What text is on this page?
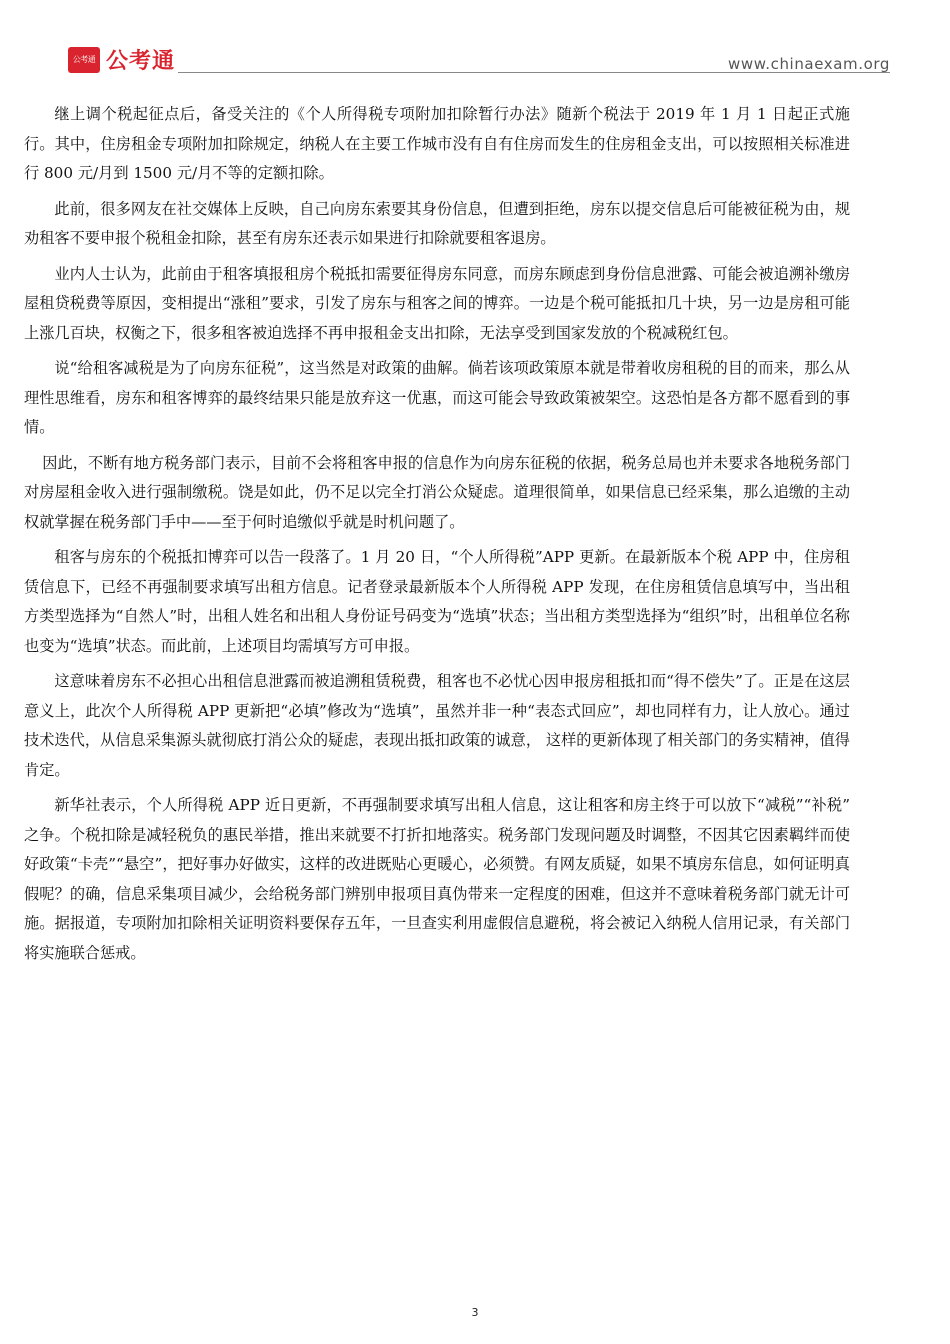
公考通 公考通	www.chinaexam.org

继上调个税起征点后，备受关注的《个人所得税专项附加扣除暂行办法》随新个税法于 2019 年 1 月 1 日起正式施行。其中，住房租金专项附加扣除规定，纳税人在主要工作城市没有自有住房而发生的住房租金支出，可以按照相关标准进行 800 元/月到 1500 元/月不等的定额扣除。

此前，很多网友在社交媒体上反映，自己向房东索要其身份信息，但遭到拒绝，房东以提交信息后可能被征税为由，规劝租客不要申报个税租金扣除，甚至有房东还表示如果进行扣除就要租客退房。

业内人士认为，此前由于租客填报租房个税抵扣需要征得房东同意，而房东顾虑到身份信息泄露、可能会被追溯补缴房屋租贷税费等原因，变相提出“涨租”要求，引发了房东与租客之间的博弈。一边是个税可能抵扣几十块，另一边是房租可能上涨几百块，权衡之下，很多租客被迫选择不再申报租金支出扣除，无法享受到国家发放的个税减税红包。

说“给租客减税是为了向房东征税”，这当然是对政策的曲解。倘若该项政策原本就是带着收房租税的目的而来，那么从理性思维看，房东和租客博弈的最终结果只能是放弃这一优惠，而这可能会导致政策被架空。这恐怕是各方都不愿看到的事情。

因此，不断有地方税务部门表示，目前不会将租客申报的信息作为向房东征税的依据，税务总局也并未要求各地税务部门对房屋租金收入进行强制缴税。饶是如此，仍不足以完全打消公众疑虑。道理很简单，如果信息已经采集，那么追缴的主动权就掌握在税务部门手中——至于何时追缴似乎就是时机问题了。

租客与房东的个税抵扣博弈可以告一段落了。1 月 20 日，“个人所得税”APP 更新。在最新版本个税 APP 中，住房租赁信息下，已经不再强制要求填写出租方信息。记者登录最新版本个人所得税 APP 发现，在住房租赁信息填写中，当出租方类型选择为“自然人”时，出租人姓名和出租人身份证号码变为“选填”状态；当出租方类型选择为“组织”时，出租单位名称也变为“选填”状态。而此前，上述项目均需填写方可申报。

这意味着房东不必担心出租信息泄露而被追溯租赁税费，租客也不必忧心因申报房租抵扣而“得不偿失”了。正是在这层意义上，此次个人所得税 APP 更新把“必填”修改为“选填”，虽然并非一种“表态式回应”，却也同样有力，让人放心。通过技术迭代，从信息采集源头就彻底打消公众的疑虑，表现出抵扣政策的诚意， 这样的更新体现了相关部门的务实精神，值得肯定。

新华社表示，个人所得税 APP 近日更新，不再强制要求填写出租人信息，这让租客和房主终于可以放下“减税”“补税” 之争。个税扣除是减轻税负的惠民举措，推出来就要不打折扣地落实。税务部门发现问题及时调整，不因其它因素羁绊而使好政策“卡壳”“悬空”，把好事办好做实，这样的改进既贴心更暖心，必须赞。有网友质疑，如果不填房东信息，如何证明真假呢？的确，信息采集项目减少，会给税务部门辨别申报项目真伪带来一定程度的困难，但这并不意味着税务部门就无计可施。据报道，专项附加扣除相关证明资料要保存五年，一旦查实利用虚假信息避税，将会被记入纳税人信用记录，有关部门将实施联合惩戒。

3
